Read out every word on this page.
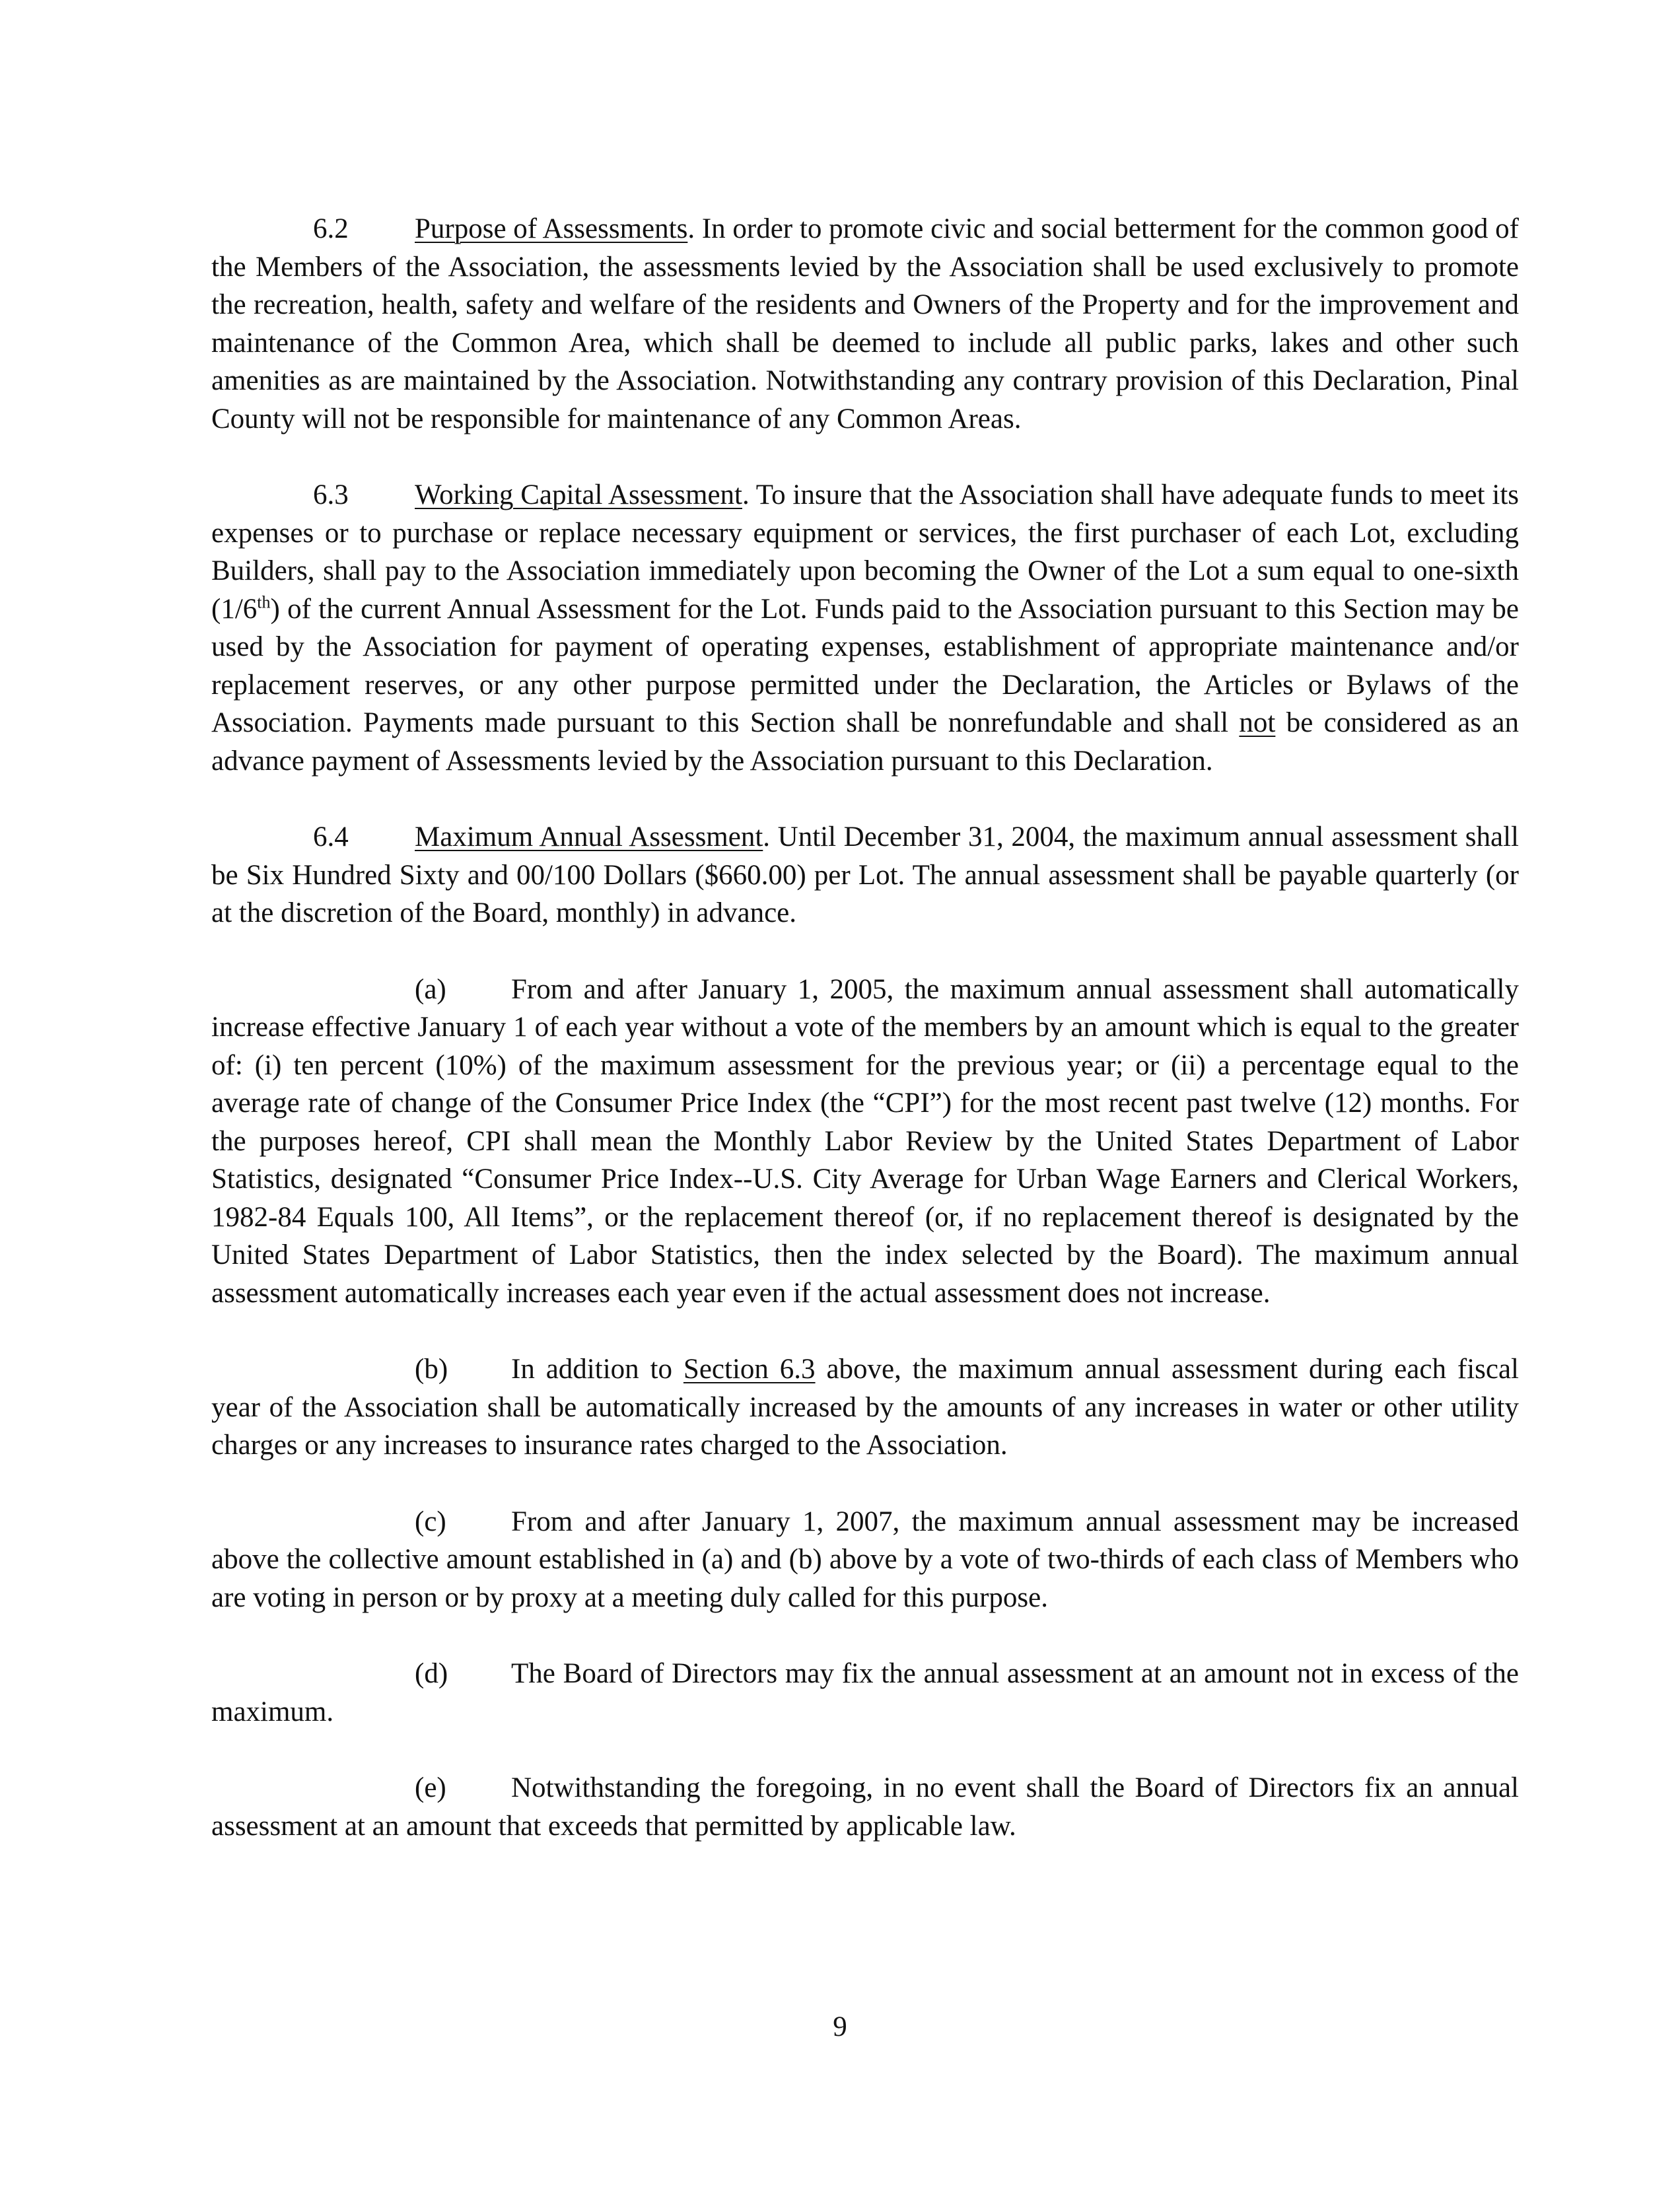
6.2 Purpose of Assessments. In order to promote civic and social betterment for the common good of the Members of the Association, the assessments levied by the Association shall be used exclusively to promote the recreation, health, safety and welfare of the residents and Owners of the Property and for the improvement and maintenance of the Common Area, which shall be deemed to include all public parks, lakes and other such amenities as are maintained by the Association. Notwithstanding any contrary provision of this Declaration, Pinal County will not be responsible for maintenance of any Common Areas.

6.3 Working Capital Assessment. To insure that the Association shall have adequate funds to meet its expenses or to purchase or replace necessary equipment or services, the first purchaser of each Lot, excluding Builders, shall pay to the Association immediately upon becoming the Owner of the Lot a sum equal to one-sixth (1/6th) of the current Annual Assessment for the Lot. Funds paid to the Association pursuant to this Section may be used by the Association for payment of operating expenses, establishment of appropriate maintenance and/or replacement reserves, or any other purpose permitted under the Declaration, the Articles or Bylaws of the Association. Payments made pursuant to this Section shall be nonrefundable and shall not be considered as an advance payment of Assessments levied by the Association pursuant to this Declaration.

6.4 Maximum Annual Assessment. Until December 31, 2004, the maximum annual assessment shall be Six Hundred Sixty and 00/100 Dollars ($660.00) per Lot. The annual assessment shall be payable quarterly (or at the discretion of the Board, monthly) in advance.

(a) From and after January 1, 2005, the maximum annual assessment shall automatically increase effective January 1 of each year without a vote of the members by an amount which is equal to the greater of: (i) ten percent (10%) of the maximum assessment for the previous year; or (ii) a percentage equal to the average rate of change of the Consumer Price Index (the “CPI”) for the most recent past twelve (12) months. For the purposes hereof, CPI shall mean the Monthly Labor Review by the United States Department of Labor Statistics, designated “Consumer Price Index--U.S. City Average for Urban Wage Earners and Clerical Workers, 1982-84 Equals 100, All Items”, or the replacement thereof (or, if no replacement thereof is designated by the United States Department of Labor Statistics, then the index selected by the Board). The maximum annual assessment automatically increases each year even if the actual assessment does not increase.

(b) In addition to Section 6.3 above, the maximum annual assessment during each fiscal year of the Association shall be automatically increased by the amounts of any increases in water or other utility charges or any increases to insurance rates charged to the Association.

(c) From and after January 1, 2007, the maximum annual assessment may be increased above the collective amount established in (a) and (b) above by a vote of two-thirds of each class of Members who are voting in person or by proxy at a meeting duly called for this purpose.

(d) The Board of Directors may fix the annual assessment at an amount not in excess of the maximum.

(e) Notwithstanding the foregoing, in no event shall the Board of Directors fix an annual assessment at an amount that exceeds that permitted by applicable law.

9
